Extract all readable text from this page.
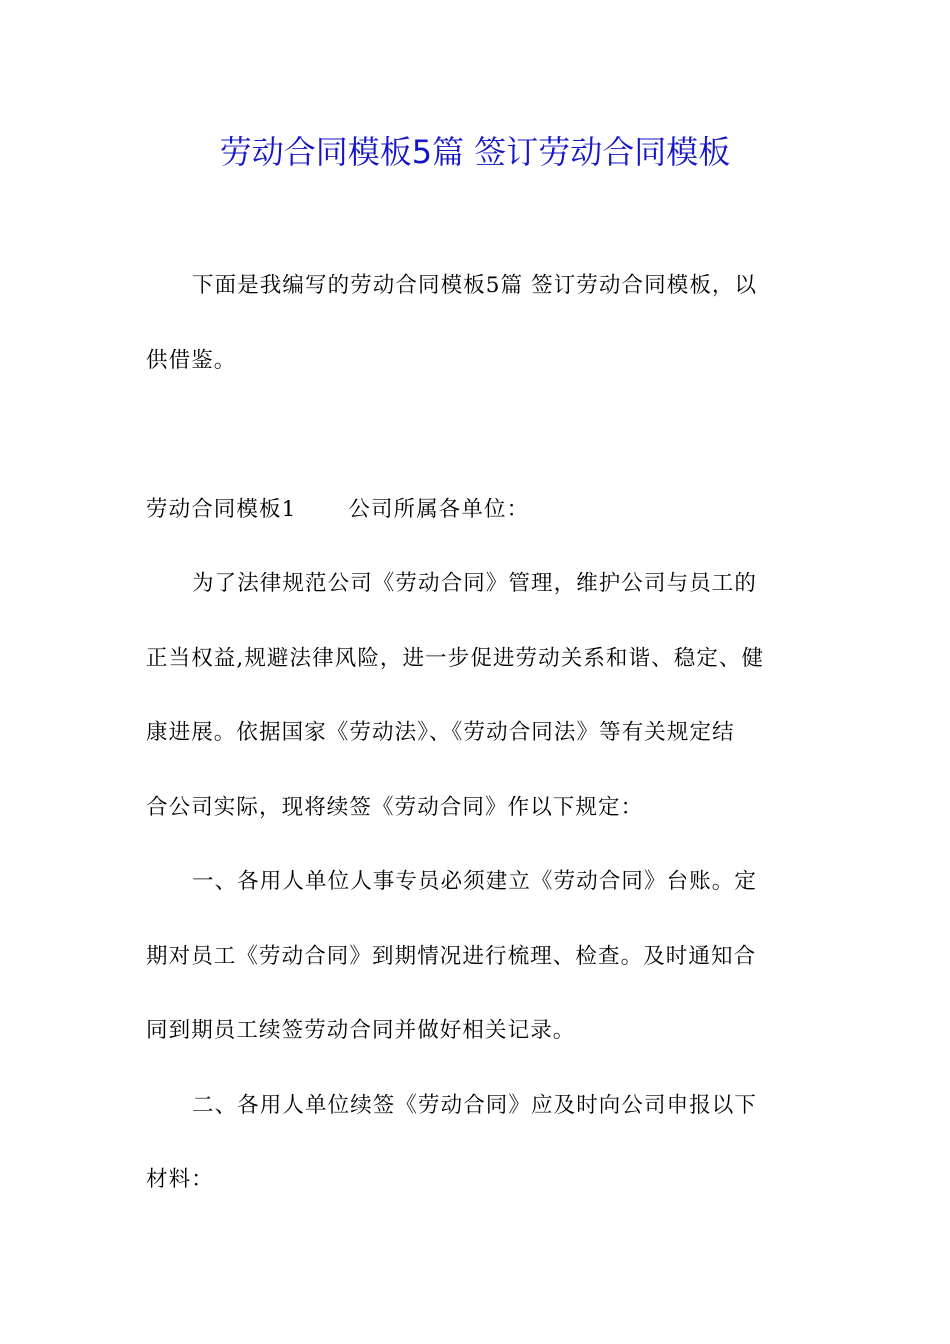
劳动合同模板5篇 签订劳动合同模板
下面是我编写的劳动合同模板5篇 签订劳动合同模板，以
供借鉴。
劳动合同模板1 公司所属各单位：
为了法律规范公司《劳动合同》管理，维护公司与员工的
正当权益,规避法律风险，进一步促进劳动关系和谐、稳定、健
康进展。依据国家《劳动法》、《劳动合同法》等有关规定结
合公司实际，现将续签《劳动合同》作以下规定：
一、各用人单位人事专员必须建立《劳动合同》台账。定
期对员工《劳动合同》到期情况进行梳理、检查。及时通知合
同到期员工续签劳动合同并做好相关记录。
二、各用人单位续签《劳动合同》应及时向公司申报以下
材料：
